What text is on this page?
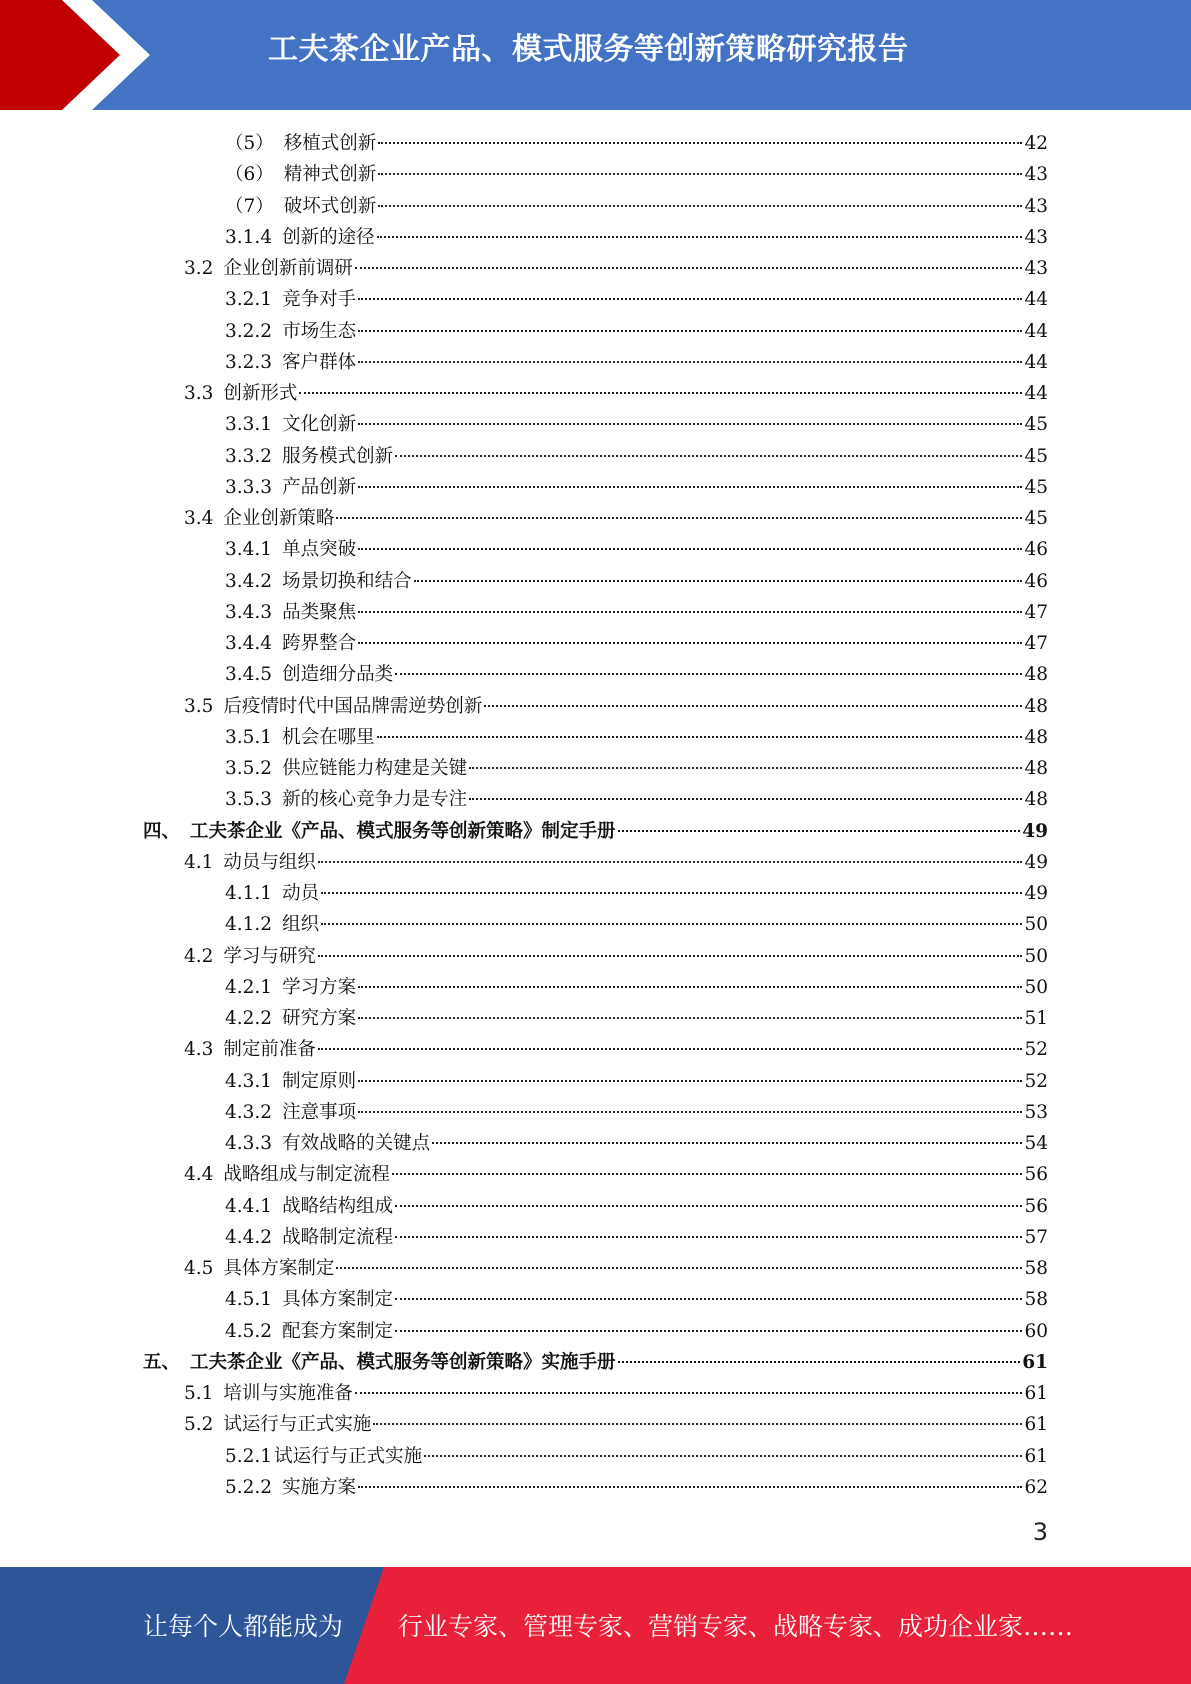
工夫茶企业产品、模式服务等创新策略研究报告
（5） 移植式创新	42
（6） 精神式创新	43
（7） 破坏式创新	43
3.1.4 创新的途径	43
3.2 企业创新前调研	43
3.2.1 竞争对手	44
3.2.2 市场生态	44
3.2.3 客户群体	44
3.3 创新形式	44
3.3.1 文化创新	45
3.3.2 服务模式创新	45
3.3.3 产品创新	45
3.4 企业创新策略	45
3.4.1 单点突破	46
3.4.2 场景切换和结合	46
3.4.3 品类聚焦	47
3.4.4 跨界整合	47
3.4.5 创造细分品类	48
3.5 后疫情时代中国品牌需逆势创新	48
3.5.1 机会在哪里	48
3.5.2 供应链能力构建是关键	48
3.5.3 新的核心竞争力是专注	48
四、 工夫茶企业《产品、模式服务等创新策略》制定手册	49
4.1 动员与组织	49
4.1.1 动员	49
4.1.2 组织	50
4.2 学习与研究	50
4.2.1 学习方案	50
4.2.2 研究方案	51
4.3 制定前准备	52
4.3.1 制定原则	52
4.3.2 注意事项	53
4.3.3 有效战略的关键点	54
4.4 战略组成与制定流程	56
4.4.1 战略结构组成	56
4.4.2 战略制定流程	57
4.5 具体方案制定	58
4.5.1 具体方案制定	58
4.5.2 配套方案制定	60
五、 工夫茶企业《产品、模式服务等创新策略》实施手册	61
5.1 培训与实施准备	61
5.2 试运行与正式实施	61
5.2.1 试运行与正式实施	61
5.2.2 实施方案	62
3
让每个人都能成为 行业专家、管理专家、营销专家、战略专家、成功企业家……
